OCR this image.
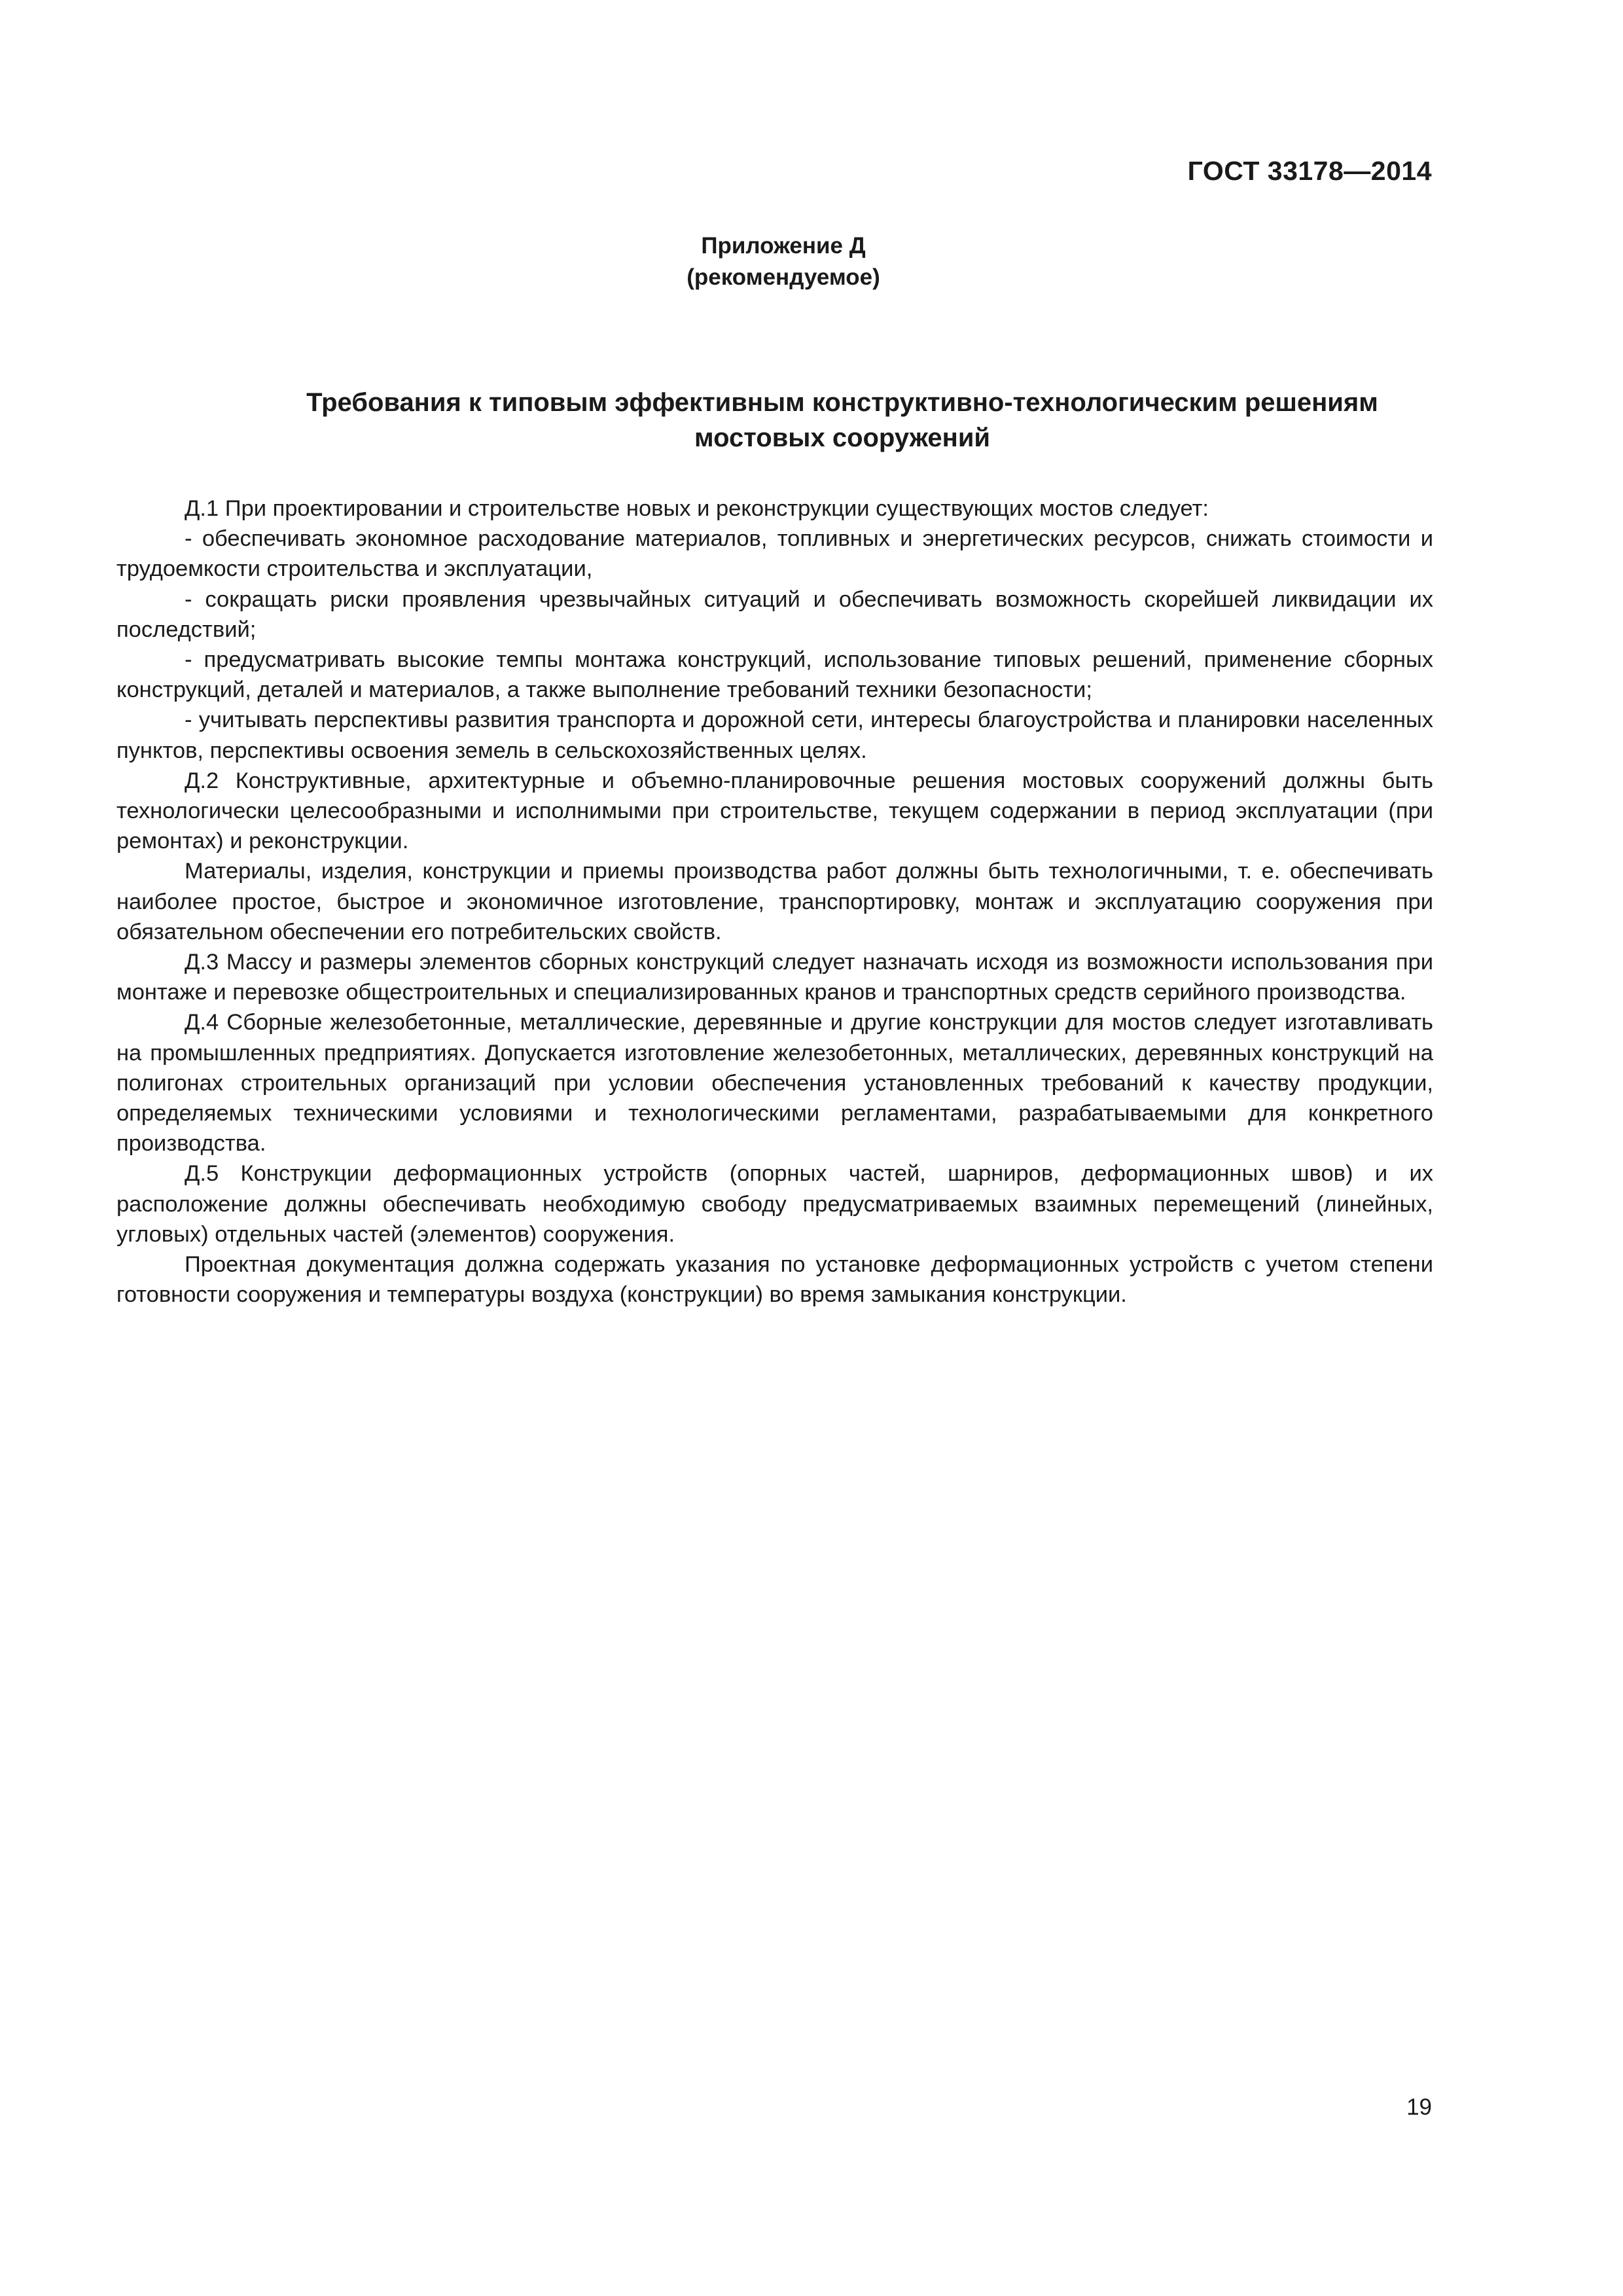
ГОСТ 33178—2014
Приложение Д
(рекомендуемое)
Требования к типовым эффективным конструктивно-технологическим решениям
мостовых сооружений

Д.1 При проектировании и строительстве новых и реконструкции существующих мостов следует:

- обеспечивать экономное расходование материалов, топливных и энергетических ресурсов, снижать стоимости и трудоемкости строительства и эксплуатации,

- сокращать риски проявления чрезвычайных ситуаций и обеспечивать возможность скорейшей ликвидации их последствий;

- предусматривать высокие темпы монтажа конструкций, использование типовых решений, применение сборных конструкций, деталей и материалов, а также выполнение требований техники безопасности;

- учитывать перспективы развития транспорта и дорожной сети, интересы благоустройства и планировки населенных пунктов, перспективы освоения земель в сельскохозяйственных целях.

Д.2 Конструктивные, архитектурные и объемно-планировочные решения мостовых сооружений должны быть технологически целесообразными и исполнимыми при строительстве, текущем содержании в период эксплуатации (при ремонтах) и реконструкции.

Материалы, изделия, конструкции и приемы производства работ должны быть технологичными, т. е. обеспечивать наиболее простое, быстрое и экономичное изготовление, транспортировку, монтаж и эксплуатацию сооружения при обязательном обеспечении его потребительских свойств.

Д.3 Массу и размеры элементов сборных конструкций следует назначать исходя из возможности использования при монтаже и перевозке общестроительных и специализированных кранов и транспортных средств серийного производства.

Д.4 Сборные железобетонные, металлические, деревянные и другие конструкции для мостов следует изготавливать на промышленных предприятиях. Допускается изготовление железобетонных, металлических, деревянных конструкций на полигонах строительных организаций при условии обеспечения установленных требований к качеству продукции, определяемых техническими условиями и технологическими регламентами, разрабатываемыми для конкретного производства.

Д.5 Конструкции деформационных устройств (опорных частей, шарниров, деформационных швов) и их расположение должны обеспечивать необходимую свободу предусматриваемых взаимных перемещений (линейных, угловых) отдельных частей (элементов) сооружения.

Проектная документация должна содержать указания по установке деформационных устройств с учетом степени готовности сооружения и температуры воздуха (конструкции) во время замыкания конструкции.

19
